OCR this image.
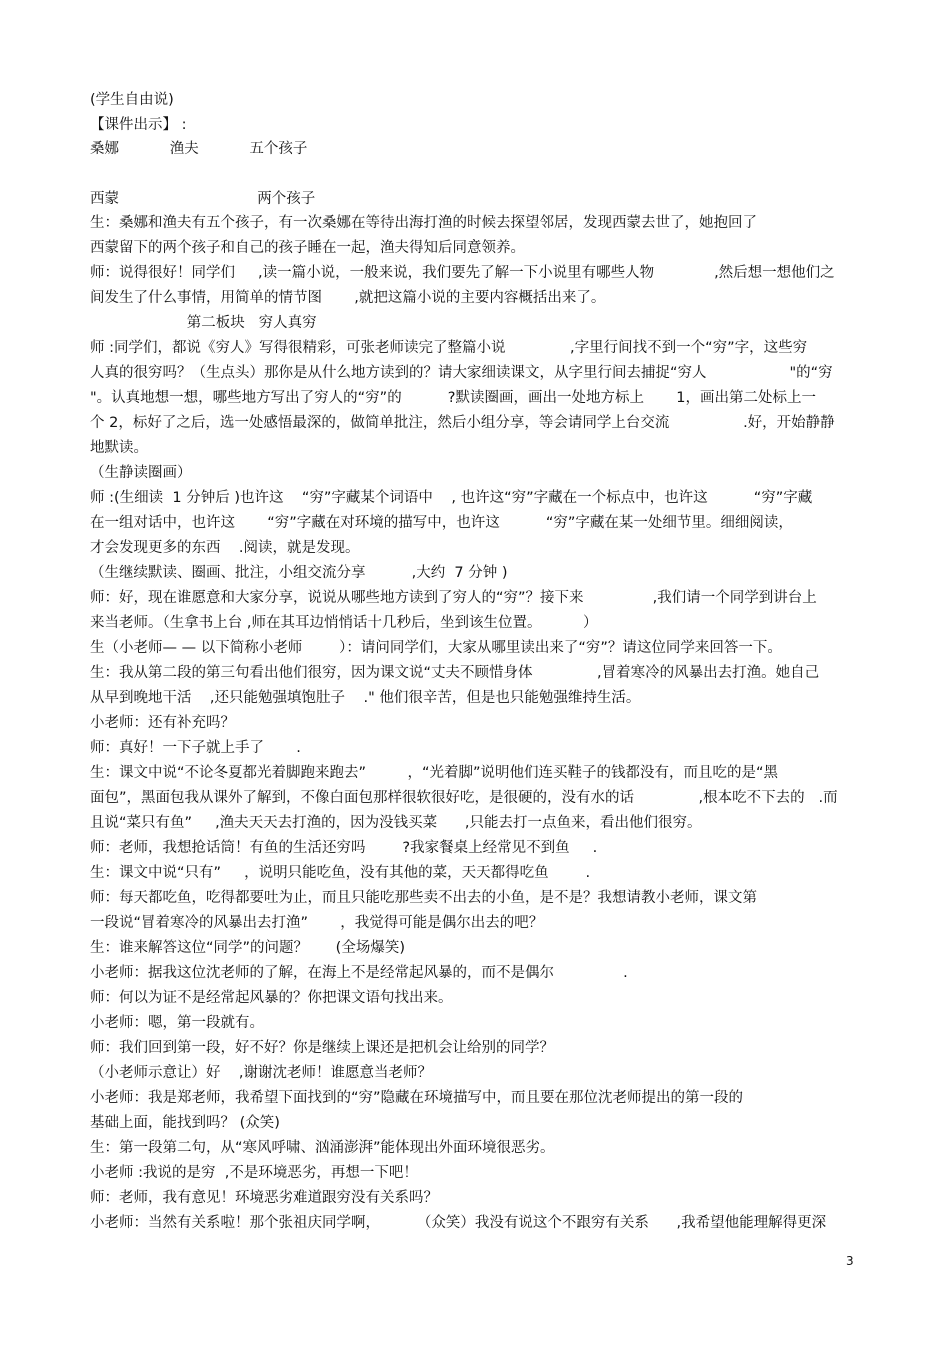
(学生自由说)
【课件出示】 :
桑娜           渔夫           五个孩子
西蒙                              两个孩子
生：桑娜和渔夫有五个孩子，有一次桑娜在等待出海打渔的时候去探望邻居，发现西蒙去世了，她抱回了
西蒙留下的两个孩子和自己的孩子睡在一起，渔夫得知后同意领养。
师：说得很好！同学们     ,读一篇小说，一般来说，我们要先了解一下小说里有哪些人物             ,然后想一想他们之
间发生了什么事情，用简单的情节图       ,就把这篇小说的主要内容概括出来了。
第二板块   穷人真穷
师 :同学们，都说《穷人》写得很精彩，可张老师读完了整篇小说              ,字里行间找不到一个“穷”字，这些穷
人真的很穷吗？（生点头）那你是从什么地方读到的？请大家细读课文，从字里行间去捕捉“穷人                  "的“穷
"。认真地想一想，哪些地方写出了穷人的“穷”的          ?默读圈画，画出一处地方标上       1，画出第二处标上一
个 2，标好了之后，选一处感悟最深的，做简单批注，然后小组分享，等会请同学上台交流                .好，开始静静
地默读。
（生静读圈画）
师 :(生细读  1 分钟后 )也许这    “穷”字藏某个词语中    , 也许这“穷”字藏在一个标点中，也许这          “穷”字藏
在一组对话中，也许这       “穷”字藏在对环境的描写中，也许这          “穷”字藏在某一处细节里。细细阅读，
才会发现更多的东西    .阅读，就是发现。
（生继续默读、圈画、批注，小组交流分享          ,大约  7 分钟 )
师：好，现在谁愿意和大家分享，说说从哪些地方读到了穷人的“穷”？接下来               ,我们请一个同学到讲台上
来当老师。（生拿书上台 ,师在其耳边悄悄话十几秒后，坐到该生位置。         ）
生（小老师— — 以下简称小老师        ）：请问同学们，大家从哪里读出来了“穷”？请这位同学来回答一下。
生：我从第二段的第三句看出他们很穷，因为课文说“丈夫不顾惜身体              ,冒着寒冷的风暴出去打渔。她自己
从早到晚地干活    ,还只能勉强填饱肚子    ." 他们很辛苦，但是也只能勉强维持生活。
小老师：还有补充吗？
师：真好！一下子就上手了       .
生：课文中说“不论冬夏都光着脚跑来跑去”         ，“光着脚”说明他们连买鞋子的钱都没有，而且吃的是“黑
面包”，黑面包我从课外了解到，不像白面包那样很软很好吃，是很硬的，没有水的话              ,根本吃不下去的   .而
且说“菜只有鱼”     ,渔夫天天去打渔的，因为没钱买菜      ,只能去打一点鱼来，看出他们很穷。
师：老师，我想抢话筒！有鱼的生活还穷吗        ?我家餐桌上经常见不到鱼     .
生：课文中说“只有”     ，说明只能吃鱼，没有其他的菜，天天都得吃鱼        .
师：每天都吃鱼，吃得都要吐为止，而且只能吃那些卖不出去的小鱼，是不是？我想请教小老师，课文第
一段说“冒着寒冷的风暴出去打渔”       ，我觉得可能是偶尔出去的吧？
生：谁来解答这位“同学”的问题？      (全场爆笑)
小老师：据我这位沈老师的了解，在海上不是经常起风暴的，而不是偶尔               .
师：何以为证不是经常起风暴的？你把课文语句找出来。
小老师：嗯，第一段就有。
师：我们回到第一段，好不好？你是继续上课还是把机会让给别的同学？
（小老师示意让）好    ,谢谢沈老师！谁愿意当老师？
小老师：我是郑老师，我希望下面找到的“穷”隐藏在环境描写中，而且要在那位沈老师提出的第一段的
基础上面，能找到吗？ (众笑)
生：第一段第二句，从“寒风呼啸、汹涌澎湃”能体现出外面环境很恶劣。
小老师 :我说的是穷  ,不是环境恶劣，再想一下吧！
师：老师，我有意见！环境恶劣难道跟穷没有关系吗？
小老师：当然有关系啦！那个张祖庆同学啊，        （众笑）我没有说这个不跟穷有关系      ,我希望他能理解得更深
3
